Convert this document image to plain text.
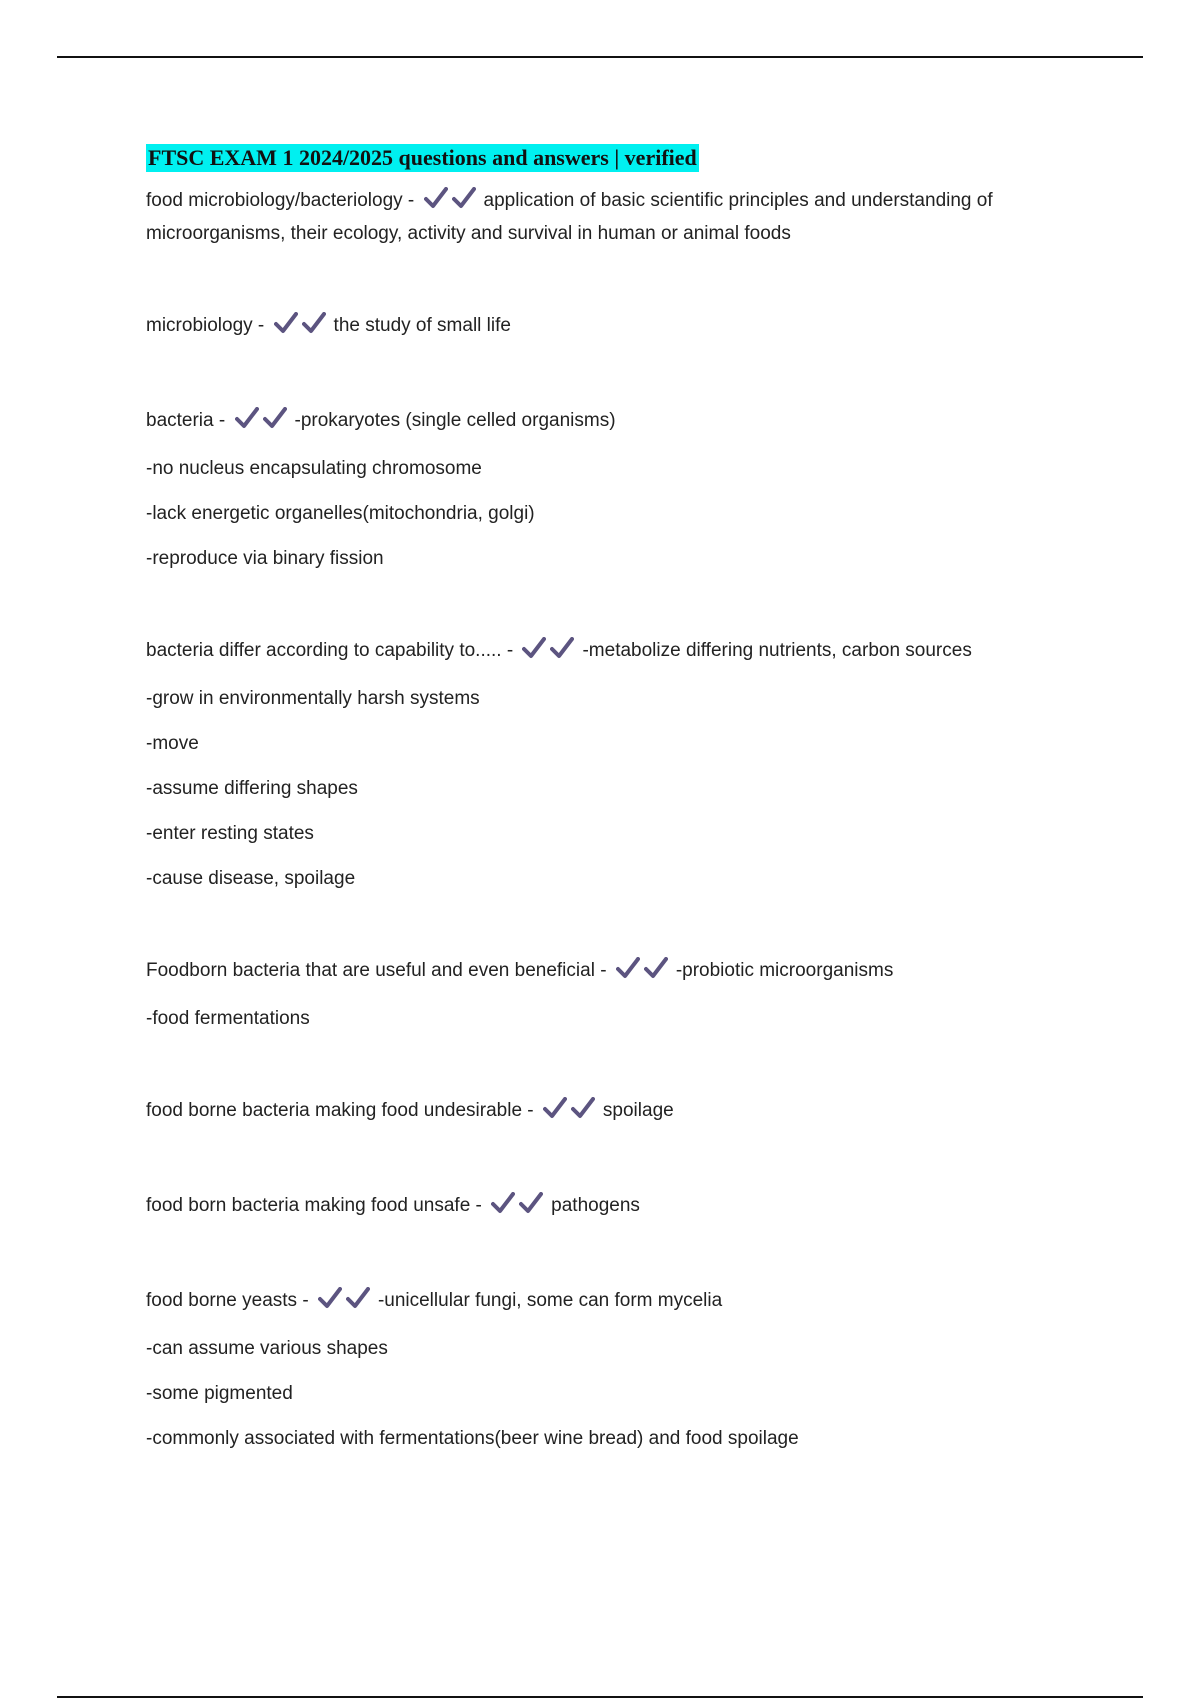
FTSC EXAM 1 2024/2025 questions and answers | verified
food microbiology/bacteriology -	application of basic scientific principles and understanding of microorganisms, their ecology, activity and survival in human or animal foods
microbiology -	the study of small life
bacteria -	-prokaryotes (single celled organisms)
-no nucleus encapsulating chromosome
-lack energetic organelles(mitochondria, golgi)
-reproduce via binary fission
bacteria differ according to capability to..... -	-metabolize differing nutrients, carbon sources
-grow in environmentally harsh systems
-move
-assume differing shapes
-enter resting states
-cause disease, spoilage
Foodborn bacteria that are useful and even beneficial -	-probiotic microorganisms
-food fermentations
food borne bacteria making food undesirable -	spoilage
food born bacteria making food unsafe -	pathogens
food borne yeasts -	-unicellular fungi, some can form mycelia
-can assume various shapes
-some pigmented
-commonly associated with fermentations(beer wine bread) and food spoilage
